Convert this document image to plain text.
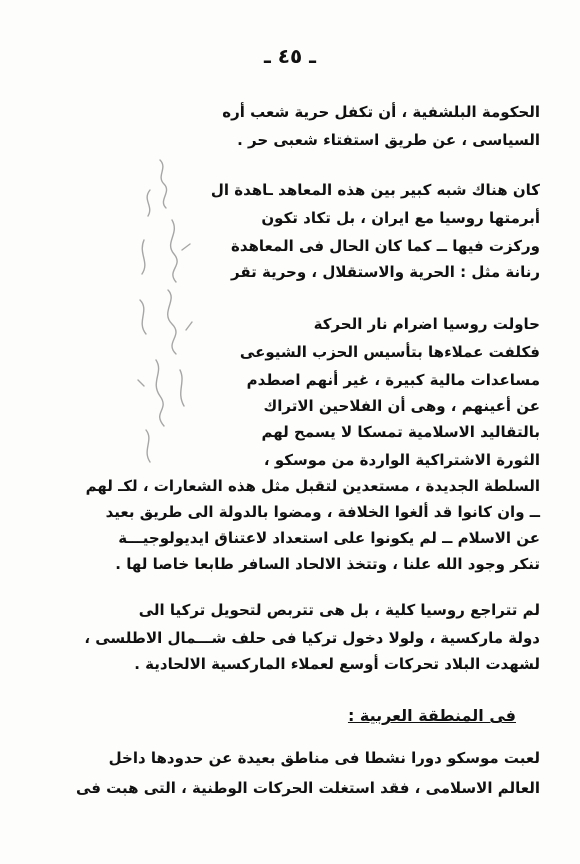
ـ ٤٥ ـ
الحكومة البلشفية ، أن تكفل حرية شعب أره
السياسى ، عن طريق استفتاء شعبى حر .
كان هناك شبه كبير بين هذه المعاهد ـاهدة ال
أبرمتها روسيا مع ايران ، بل تكاد تكون
وركزت فيها ــ كما كان الحال فى المعاهدة
رنانة مثل : الحرية والاستقلال ، وحرية تقر
حاولت روسيا اضرام نار الحركة
فكلفت عملاءها بتأسيس الحزب الشيوعى
مساعدات مالية كبيرة ، غير أنهم اصطدم
عن أعينهم ، وهى أن الفلاحين الاتراك
بالتقاليد الاسلامية تمسكا لا يسمح لهم
الثورة الاشتراكية الواردة من موسكو ،
السلطة الجديدة ، مستعدين لتقبل مثل هذه الشعارات ، لكـ لهم
ــ وان كانوا قد ألغوا الخلافة ، ومضوا بالدولة الى طريق بعيد
عن الاسلام ــ لم يكونوا على استعداد لاعتناق ايديولوجيـــة
تنكر وجود الله علنا ، وتتخذ الالحاد السافر طابعا خاصا لها .
لم تتراجع روسيا كلية ، بل هى تتربص لتحويل تركيا الى
دولة ماركسية ، ولولا دخول تركيا فى حلف شـــمال الاطلسى ،
لشهدت البلاد تحركات أوسع لعملاء الماركسية الالحادية .
فى المنطقة العربية :
لعبت موسكو دورا نشطا فى مناطق بعيدة عن حدودها داخل
العالم الاسلامى ، فقد استغلت الحركات الوطنية ، التى هبت فى
